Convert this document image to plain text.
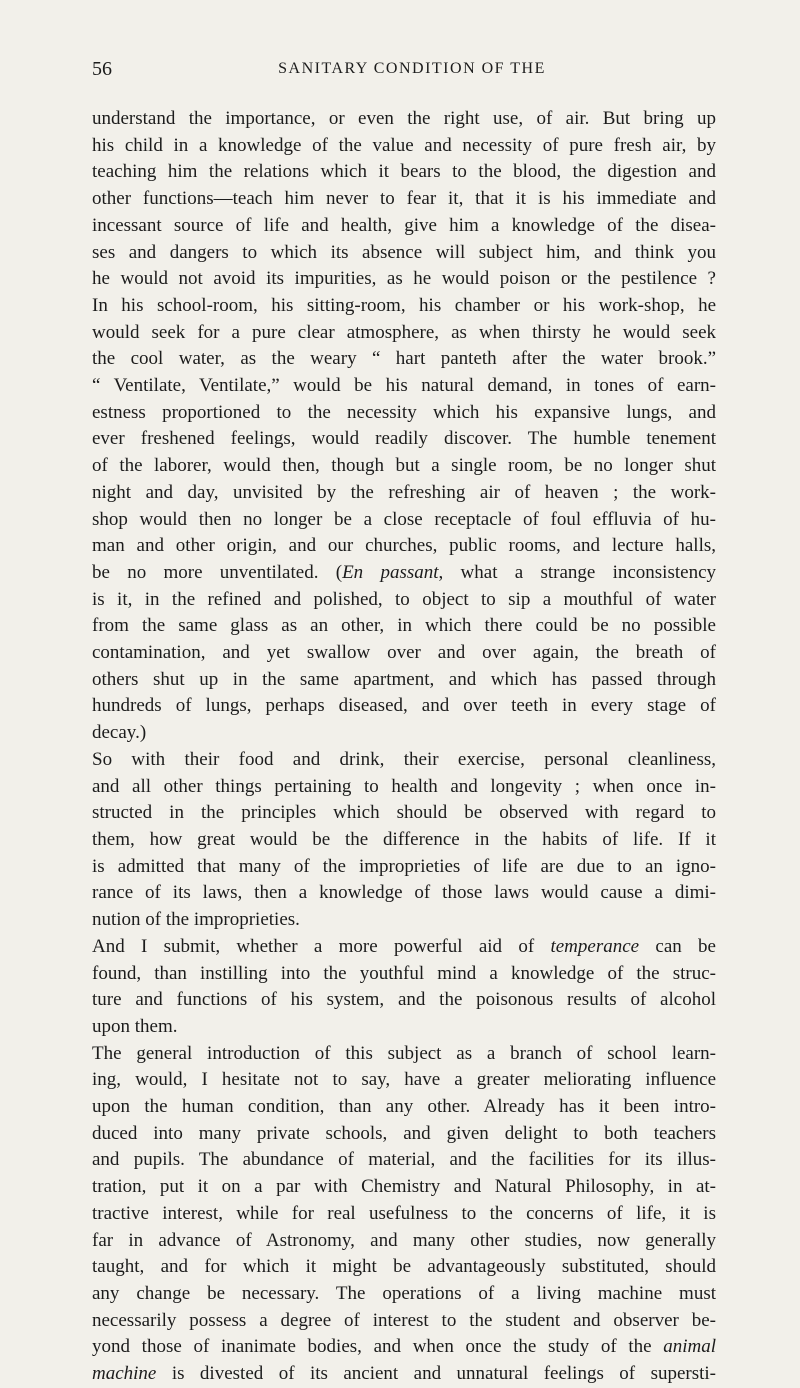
56	SANITARY CONDITION OF THE

understand the importance, or even the right use, of air. But bring up
his child in a knowledge of the value and necessity of pure fresh air, by
teaching him the relations which it bears to the blood, the digestion and
other functions—teach him never to fear it, that it is his immediate and
incessant source of life and health, give him a knowledge of the disea-
ses and dangers to which its absence will subject him, and think you
he would not avoid its impurities, as he would poison or the pestilence ?
In his school-room, his sitting-room, his chamber or his work-shop, he
would seek for a pure clear atmosphere, as when thirsty he would seek
the cool water, as the weary “ hart panteth after the water brook.”
“ Ventilate, Ventilate,” would be his natural demand, in tones of earn-
estness proportioned to the necessity which his expansive lungs, and
ever freshened feelings, would readily discover. The humble tenement
of the laborer, would then, though but a single room, be no longer shut
night and day, unvisited by the refreshing air of heaven ; the work-
shop would then no longer be a close receptacle of foul effluvia of hu-
man and other origin, and our churches, public rooms, and lecture halls,
be no more unventilated. (En passant, what a strange inconsistency
is it, in the refined and polished, to object to sip a mouthful of water
from the same glass as an other, in which there could be no possible
contamination, and yet swallow over and over again, the breath of
others shut up in the same apartment, and which has passed through
hundreds of lungs, perhaps diseased, and over teeth in every stage of
decay.)

So with their food and drink, their exercise, personal cleanliness,
and all other things pertaining to health and longevity ; when once in-
structed in the principles which should be observed with regard to
them, how great would be the difference in the habits of life. If it
is admitted that many of the improprieties of life are due to an igno-
rance of its laws, then a knowledge of those laws would cause a dimi-
nution of the improprieties.

And I submit, whether a more powerful aid of temperance can be
found, than instilling into the youthful mind a knowledge of the struc-
ture and functions of his system, and the poisonous results of alcohol
upon them.

The general introduction of this subject as a branch of school learn-
ing, would, I hesitate not to say, have a greater meliorating influence
upon the human condition, than any other. Already has it been intro-
duced into many private schools, and given delight to both teachers
and pupils. The abundance of material, and the facilities for its illus-
tration, put it on a par with Chemistry and Natural Philosophy, in at-
tractive interest, while for real usefulness to the concerns of life, it is
far in advance of Astronomy, and many other studies, now generally
taught, and for which it might be advantageously substituted, should
any change be necessary. The operations of a living machine must
necessarily possess a degree of interest to the student and observer be-
yond those of inanimate bodies, and when once the study of the animal
machine is divested of its ancient and unnatural feelings of supersti-
